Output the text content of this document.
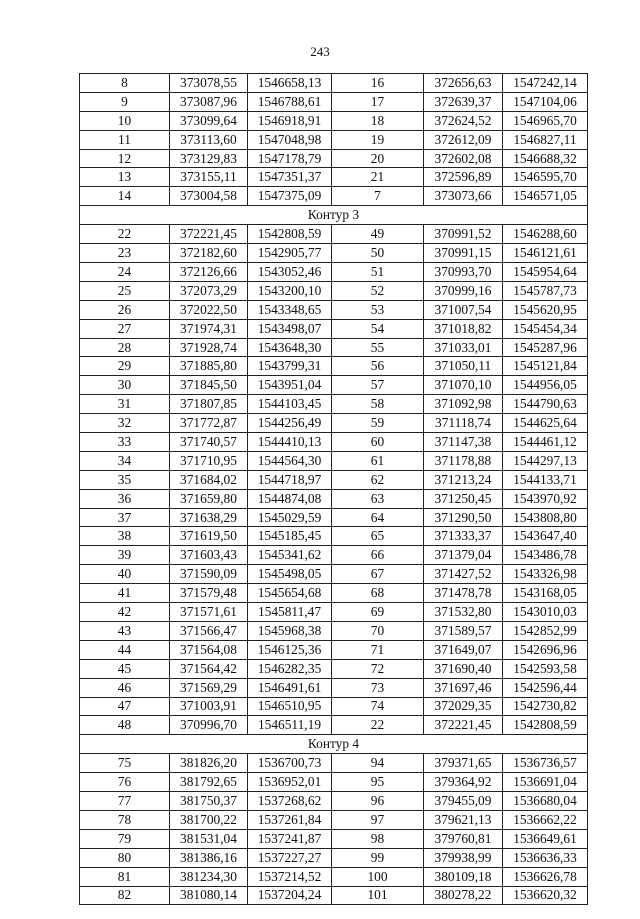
243
8	373078,55	1546658,13	16	372656,63	1547242,14
9	373087,96	1546788,61	17	372639,37	1547104,06
10	373099,64	1546918,91	18	372624,52	1546965,70
11	373113,60	1547048,98	19	372612,09	1546827,11
12	373129,83	1547178,79	20	372602,08	1546688,32
13	373155,11	1547351,37	21	372596,89	1546595,70
14	373004,58	1547375,09	7	373073,66	1546571,05
Контур 3					
22	372221,45	1542808,59	49	370991,52	1546288,60
23	372182,60	1542905,77	50	370991,15	1546121,61
24	372126,66	1543052,46	51	370993,70	1545954,64
25	372073,29	1543200,10	52	370999,16	1545787,73
26	372022,50	1543348,65	53	371007,54	1545620,95
27	371974,31	1543498,07	54	371018,82	1545454,34
28	371928,74	1543648,30	55	371033,01	1545287,96
29	371885,80	1543799,31	56	371050,11	1545121,84
30	371845,50	1543951,04	57	371070,10	1544956,05
31	371807,85	1544103,45	58	371092,98	1544790,63
32	371772,87	1544256,49	59	371118,74	1544625,64
33	371740,57	1544410,13	60	371147,38	1544461,12
34	371710,95	1544564,30	61	371178,88	1544297,13
35	371684,02	1544718,97	62	371213,24	1544133,71
36	371659,80	1544874,08	63	371250,45	1543970,92
37	371638,29	1545029,59	64	371290,50	1543808,80
38	371619,50	1545185,45	65	371333,37	1543647,40
39	371603,43	1545341,62	66	371379,04	1543486,78
40	371590,09	1545498,05	67	371427,52	1543326,98
41	371579,48	1545654,68	68	371478,78	1543168,05
42	371571,61	1545811,47	69	371532,80	1543010,03
43	371566,47	1545968,38	70	371589,57	1542852,99
44	371564,08	1546125,36	71	371649,07	1542696,96
45	371564,42	1546282,35	72	371690,40	1542593,58
46	371569,29	1546491,61	73	371697,46	1542596,44
47	371003,91	1546510,95	74	372029,35	1542730,82
48	370996,70	1546511,19	22	372221,45	1542808,59
Контур 4					
75	381826,20	1536700,73	94	379371,65	1536736,57
76	381792,65	1536952,01	95	379364,92	1536691,04
77	381750,37	1537268,62	96	379455,09	1536680,04
78	381700,22	1537261,84	97	379621,13	1536662,22
79	381531,04	1537241,87	98	379760,81	1536649,61
80	381386,16	1537227,27	99	379938,99	1536636,33
81	381234,30	1537214,52	100	380109,18	1536626,78
82	381080,14	1537204,24	101	380278,22	1536620,32
